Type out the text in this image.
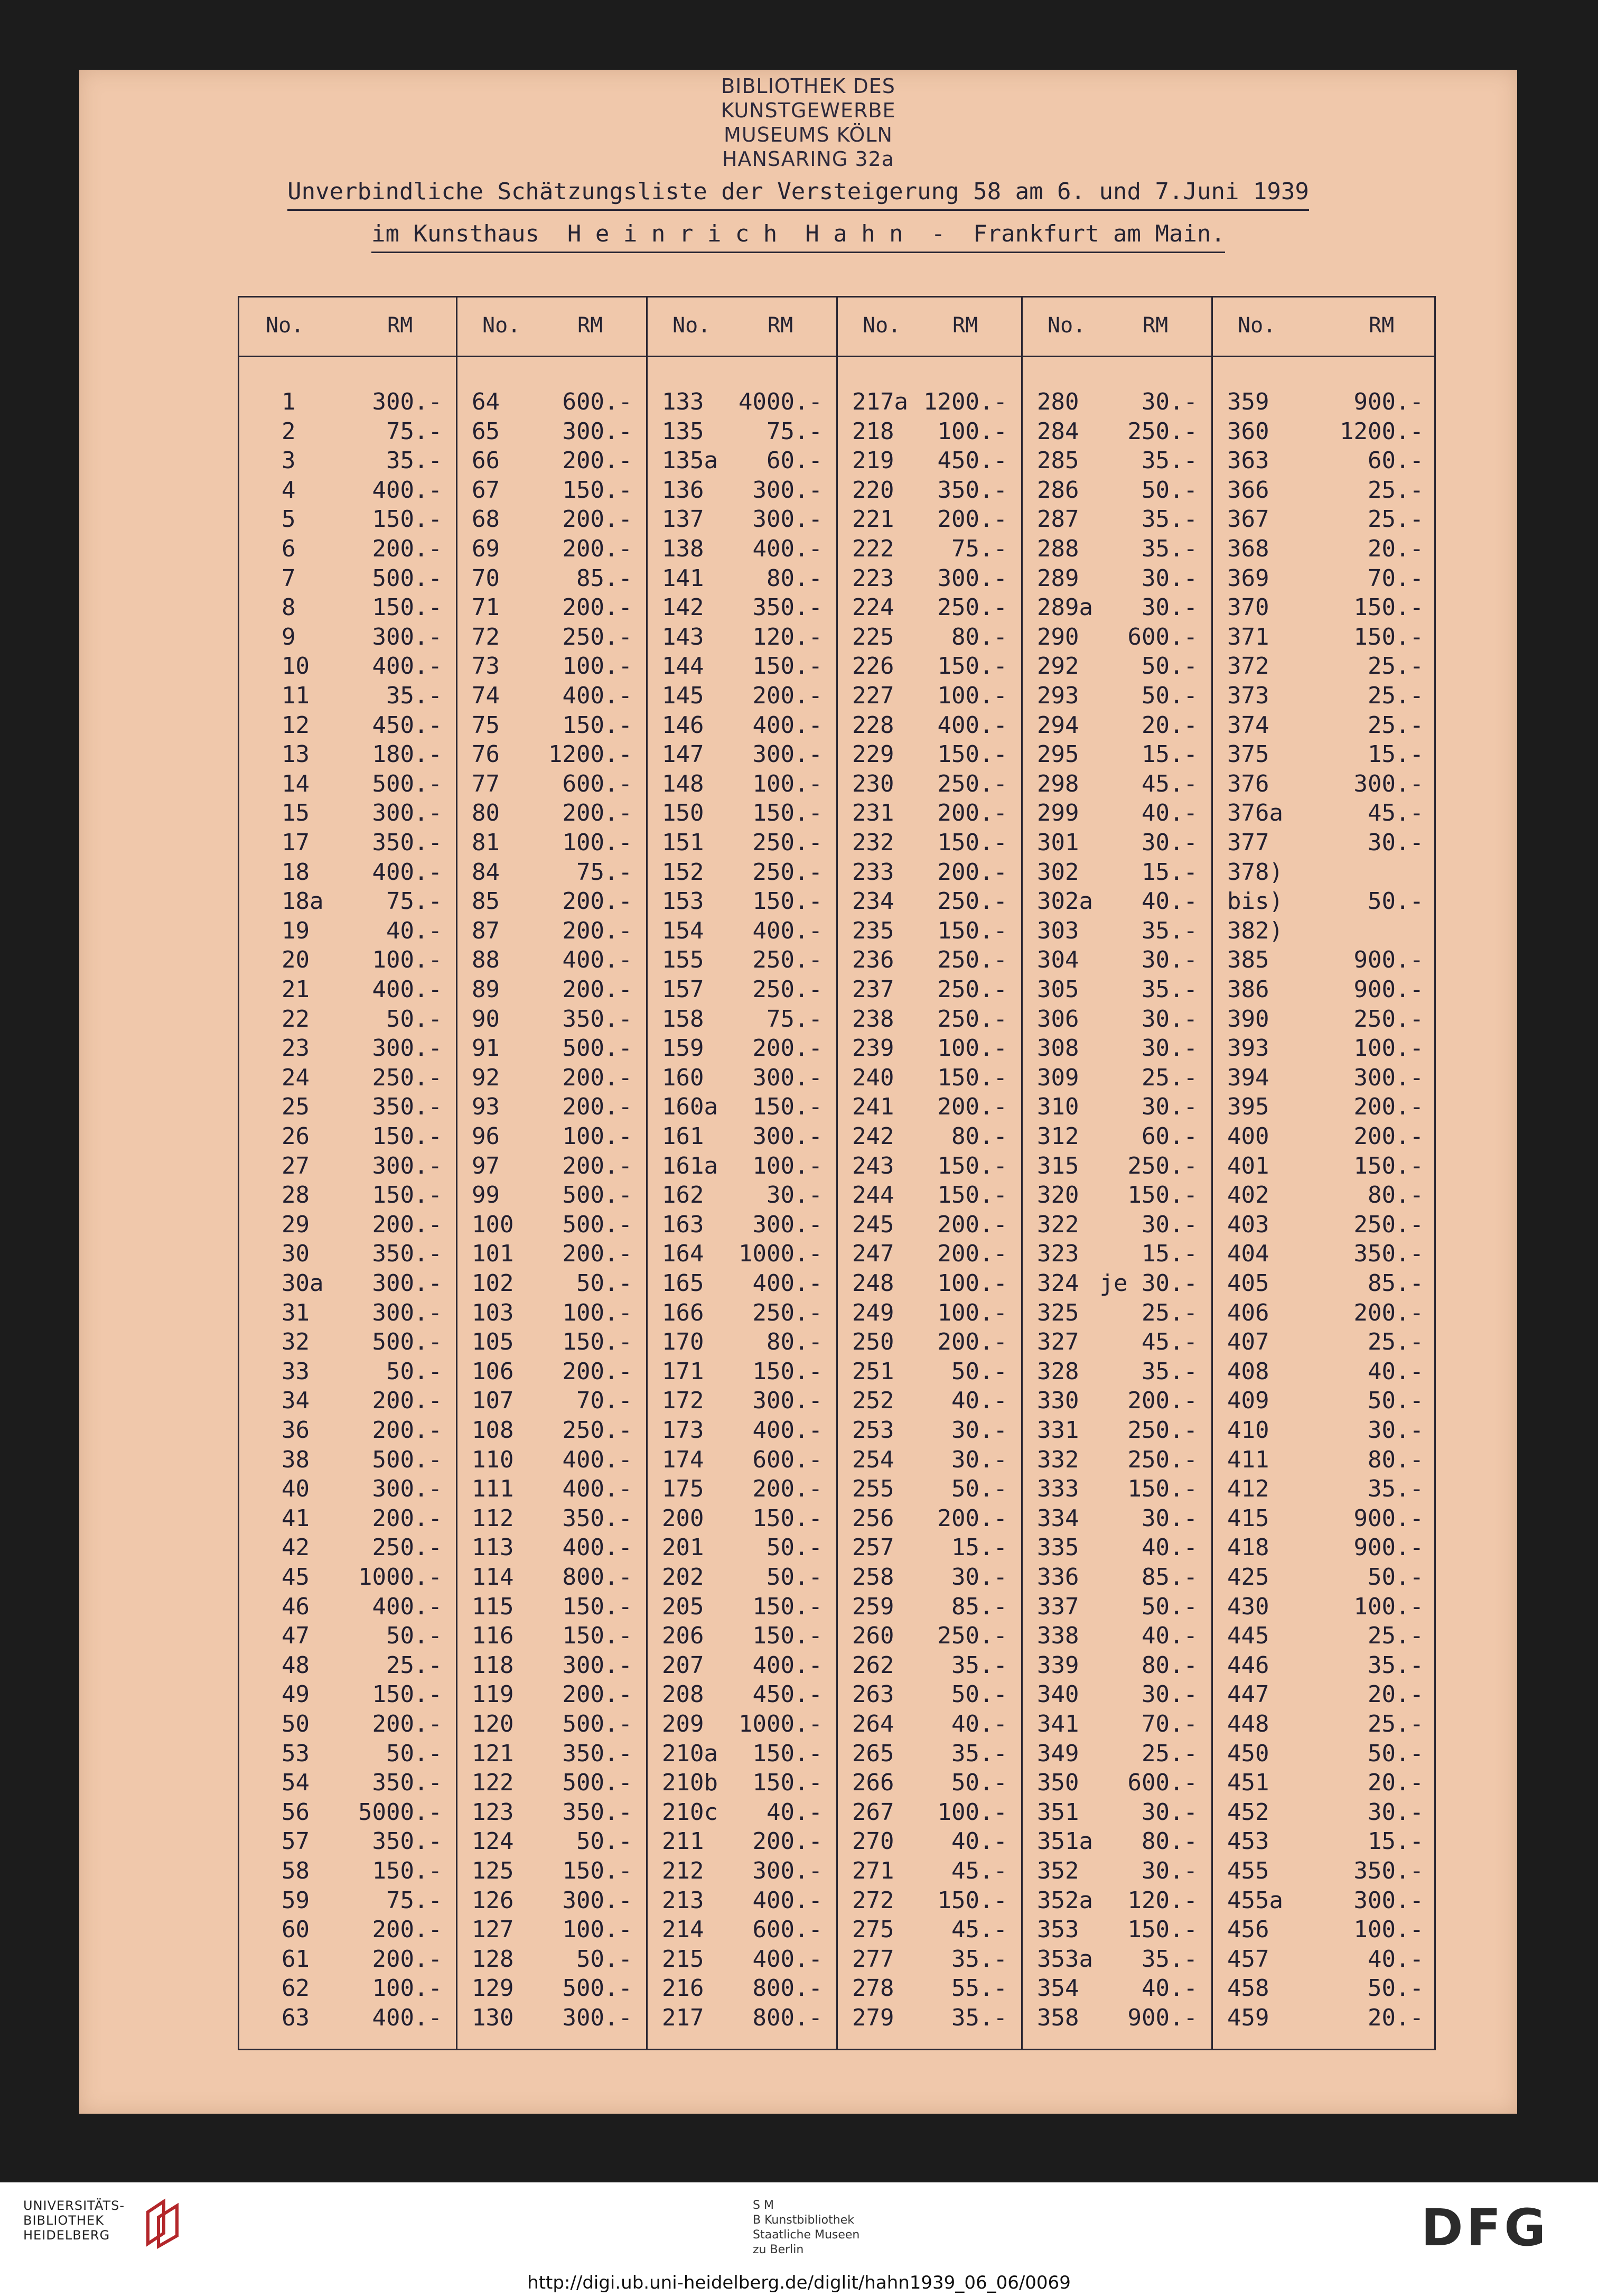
BIBLIOTHEK DES
KUNSTGEWERBE
MUSEUMS KÖLN
HANSARING 32a
Unverbindliche Schätzungsliste der Versteigerung 58 am 6. und 7.Juni 1939
im Kunsthaus  H e i n r i c h  H a h n  -  Frankfurt am Main.
No.	RM
1	300.-
2	75.-
3	35.-
4	400.-
5	150.-
6	200.-
7	500.-
8	150.-
9	300.-
10	400.-
11	35.-
12	450.-
13	180.-
14	500.-
15	300.-
17	350.-
18	400.-
18a	75.-
19	40.-
20	100.-
21	400.-
22	50.-
23	300.-
24	250.-
25	350.-
26	150.-
27	300.-
28	150.-
29	200.-
30	350.-
30a 300.-
31	300.-
32	500.-
33	50.-
34	200.-
36	200.-
38	500.-
40	300.-
41	200.-
42	250.-
45 1000.-
46	400.-
47	50.-
48	25.-
49	150.-
50	200.-
53	50.-
54	350.-
56 5000.-
57	350.-
58	150.-
59	75.-
60	200.-
61	200.-
62	100.-
63	400.-
No.	RM
64	600.-
65	300.-
66	200.-
67	150.-
68	200.-
69	200.-
70	85.-
71	200.-
72	250.-
73	100.-
74	400.-
75	150.-
76 1200.-
77	600.-
80	200.-
81	100.-
84	75.-
85	200.-
87	200.-
88	400.-
89	200.-
90	350.-
91	500.-
92	200.-
93	200.-
96	100.-
97	200.-
99	500.-
100 500.-
101 200.-
102	50.-
103 100.-
105 150.-
106 200.-
107	70.-
108 250.-
110 400.-
111 400.-
112 350.-
113 400.-
114 800.-
115 150.-
116 150.-
118 300.-
119 200.-
120 500.-
121 350.-
122 500.-
123 350.-
124	50.-
125 150.-
126 300.-
127 100.-
128	50.-
129 500.-
130 300.-
No.	RM
133 4000.-
135	75.-
135a 60.-
136 300.-
137 300.-
138 400.-
141	80.-
142 350.-
143 120.-
144 150.-
145 200.-
146 400.-
147 300.-
148 100.-
150 150.-
151 250.-
152 250.-
153 150.-
154 400.-
155 250.-
157 250.-
158	75.-
159 200.-
160 300.-
160a 150.-
161 300.-
161a 100.-
162	30.-
163 300.-
164 1000.-
165 400.-
166 250.-
170	80.-
171 150.-
172 300.-
173 400.-
174 600.-
175 200.-
200 150.-
201	50.-
202	50.-
205 150.-
206 150.-
207 400.-
208 450.-
209 1000.-
210a 150.-
210b 150.-
210c 40.-
211 200.-
212 300.-
213 400.-
214 600.-
215 400.-
216 800.-
217 800.-
No. RM
217a 1200.-
218 100.-
219 450.-
220 350.-
221 200.-
222 75.-
223 300.-
224 250.-
225 80.-
226 150.-
227 100.-
228 400.-
229 150.-
230 250.-
231 200.-
232 150.-
233 200.-
234 250.-
235 150.-
236 250.-
237 250.-
238 250.-
239 100.-
240 150.-
241 200.-
242 80.-
243 150.-
244 150.-
245 200.-
247 200.-
248 100.-
249 100.-
250 200.-
251 50.-
252 40.-
253 30.-
254 30.-
255 50.-
256 200.-
257 15.-
258 30.-
259 85.-
260 250.-
262 35.-
263 50.-
264 40.-
265 35.-
266 50.-
267 100.-
270 40.-
271 45.-
272 150.-
275 45.-
277 35.-
278 55.-
279 35.-
No.	RM
280	30.-
284 250.-
285	35.-
286	50.-
287	35.-
288	35.-
289	30.-
289a 30.-
290 600.-
292	50.-
293	50.-
294	20.-
295	15.-
298	45.-
299	40.-
301	30.-
302	15.-
302a 40.-
303	35.-
304	30.-
305	35.-
306	30.-
308	30.-
309	25.-
310	30.-
312	60.-
315 250.-
320 150.-
322	30.-
323	15.-
324 je 30.-
325	25.-
327	45.-
328	35.-
330 200.-
331 250.-
332 250.-
333 150.-
334	30.-
335	40.-
336	85.-
337	50.-
338	40.-
339	80.-
340	30.-
341	70.-
349	25.-
350 600.-
351	30.-
351a 80.-
352	30.-
352a 120.-
353 150.-
353a 35.-
354	40.-
358 900.-
No.	RM
359	900.-
360	1200.-
363	60.-
366	25.-
367	25.-
368	20.-
369	70.-
370	150.-
371	150.-
372	25.-
373	25.-
374	25.-
375	15.-
376	300.-
376a	45.-
377	30.-
378)
bis)	50.-
382)
385	900.-
386	900.-
390	250.-
393	100.-
394	300.-
395	200.-
400	200.-
401	150.-
402	80.-
403	250.-
404	350.-
405	85.-
406	200.-
407	25.-
408	40.-
409	50.-
410	30.-
411	80.-
412	35.-
415	900.-
418	900.-
425	50.-
430	100.-
445	25.-
446	35.-
447	20.-
448	25.-
450	50.-
451	20.-
452	30.-
453	15.-
455	350.-
455a	300.-
456	100.-
457	40.-
458	50.-
459	20.-
UNIVERSITÄTS-
BIBLIOTHEK
HEIDELBERG
S M
B Kunstbibliothek
Staatliche Museen
zu Berlin	DFG
http://digi.ub.uni-heidelberg.de/diglit/hahn1939_06_06/0069
